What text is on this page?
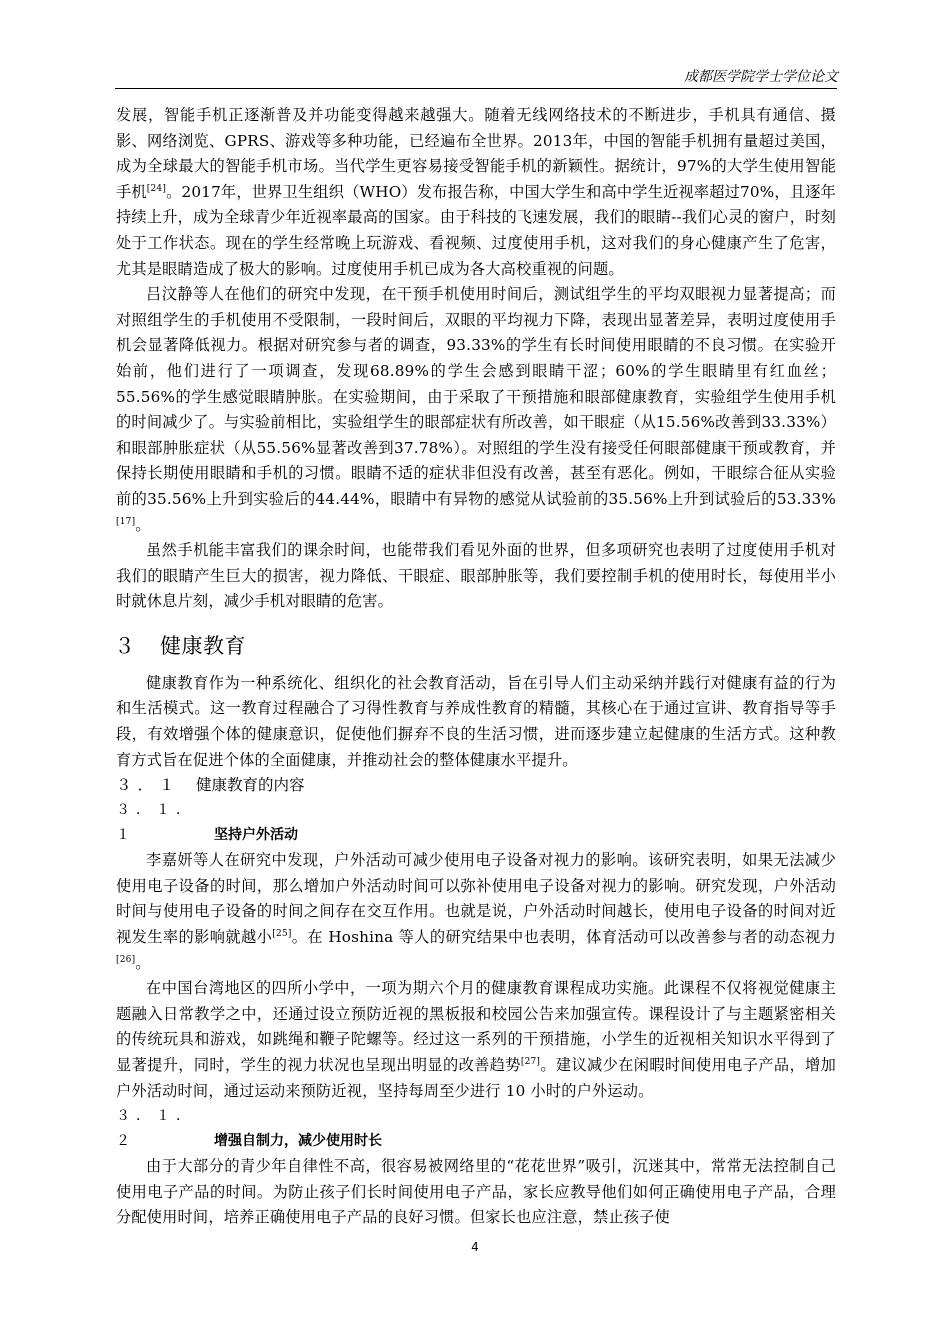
成都医学院学士学位论文

发展，智能手机正逐渐普及并功能变得越来越强大。随着无线网络技术的不断进步，手机具有通信、摄影、网络浏览、GPRS、游戏等多种功能，已经遍布全世界。2013年，中国的智能手机拥有量超过美国，成为全球最大的智能手机市场。当代学生更容易接受智能手机的新颖性。据统计，97%的大学生使用智能手机[24]。2017年，世界卫生组织（WHO）发布报告称，中国大学生和高中学生近视率超过70%，且逐年持续上升，成为全球青少年近视率最高的国家。由于科技的飞速发展，我们的眼睛--我们心灵的窗户，时刻处于工作状态。现在的学生经常晚上玩游戏、看视频、过度使用手机，这对我们的身心健康产生了危害，尤其是眼睛造成了极大的影响。过度使用手机已成为各大高校重视的问题。

吕汶静等人在他们的研究中发现，在干预手机使用时间后，测试组学生的平均双眼视力显著提高；而对照组学生的手机使用不受限制，一段时间后，双眼的平均视力下降，表现出显著差异，表明过度使用手机会显著降低视力。根据对研究参与者的调查，93.33%的学生有长时间使用眼睛的不良习惯。在实验开始前，他们进行了一项调查，发现68.89%的学生会感到眼睛干涩；60%的学生眼睛里有红血丝；55.56%的学生感觉眼睛肿胀。在实验期间，由于采取了干预措施和眼部健康教育，实验组学生使用手机的时间减少了。与实验前相比，实验组学生的眼部症状有所改善，如干眼症（从15.56%改善到33.33%）和眼部肿胀症状（从55.56%显著改善到37.78%）。对照组的学生没有接受任何眼部健康干预或教育，并保持长期使用眼睛和手机的习惯。眼睛不适的症状非但没有改善，甚至有恶化。例如，干眼综合征从实验前的35.56%上升到实验后的44.44%，眼睛中有异物的感觉从试验前的35.56%上升到试验后的53.33%[17]。

虽然手机能丰富我们的课余时间，也能带我们看见外面的世界，但多项研究也表明了过度使用手机对我们的眼睛产生巨大的损害，视力降低、干眼症、眼部肿胀等，我们要控制手机的使用时长，每使用半小时就休息片刻，减少手机对眼睛的危害。

３ 健康教育

健康教育作为一种系统化、组织化的社会教育活动，旨在引导人们主动采纳并践行对健康有益的行为和生活模式。这一教育过程融合了习得性教育与养成性教育的精髓，其核心在于通过宣讲、教育指导等手段，有效增强个体的健康意识，促使他们摒弃不良的生活习惯，进而逐步建立起健康的生活方式。这种教育方式旨在促进个体的全面健康，并推动社会的整体健康水平提升。

３．１ 健康教育的内容
３．１．１	坚持户外活动

李嘉妍等人在研究中发现，户外活动可减少使用电子设备对视力的影响。该研究表明，如果无法减少使用电子设备的时间，那么增加户外活动时间可以弥补使用电子设备对视力的影响。研究发现，户外活动时间与使用电子设备的时间之间存在交互作用。也就是说，户外活动时间越长，使用电子设备的时间对近视发生率的影响就越小[25]。在 Hoshina 等人的研究结果中也表明，体育活动可以改善参与者的动态视力[26]。

在中国台湾地区的四所小学中，一项为期六个月的健康教育课程成功实施。此课程不仅将视觉健康主题融入日常教学之中，还通过设立预防近视的黑板报和校园公告来加强宣传。课程设计了与主题紧密相关的传统玩具和游戏，如跳绳和鞭子陀螺等。经过这一系列的干预措施，小学生的近视相关知识水平得到了显著提升，同时，学生的视力状况也呈现出明显的改善趋势[27]。建议减少在闲暇时间使用电子产品，增加户外活动时间，通过运动来预防近视，坚持每周至少进行 10 小时的户外运动。

３．１．２	增强自制力，减少使用时长

由于大部分的青少年自律性不高，很容易被网络里的“花花世界”吸引，沉迷其中，常常无法控制自己使用电子产品的时间。为防止孩子们长时间使用电子产品，家长应教导他们如何正确使用电子产品，合理分配使用时间，培养正确使用电子产品的良好习惯。但家长也应注意，禁止孩子使

4
